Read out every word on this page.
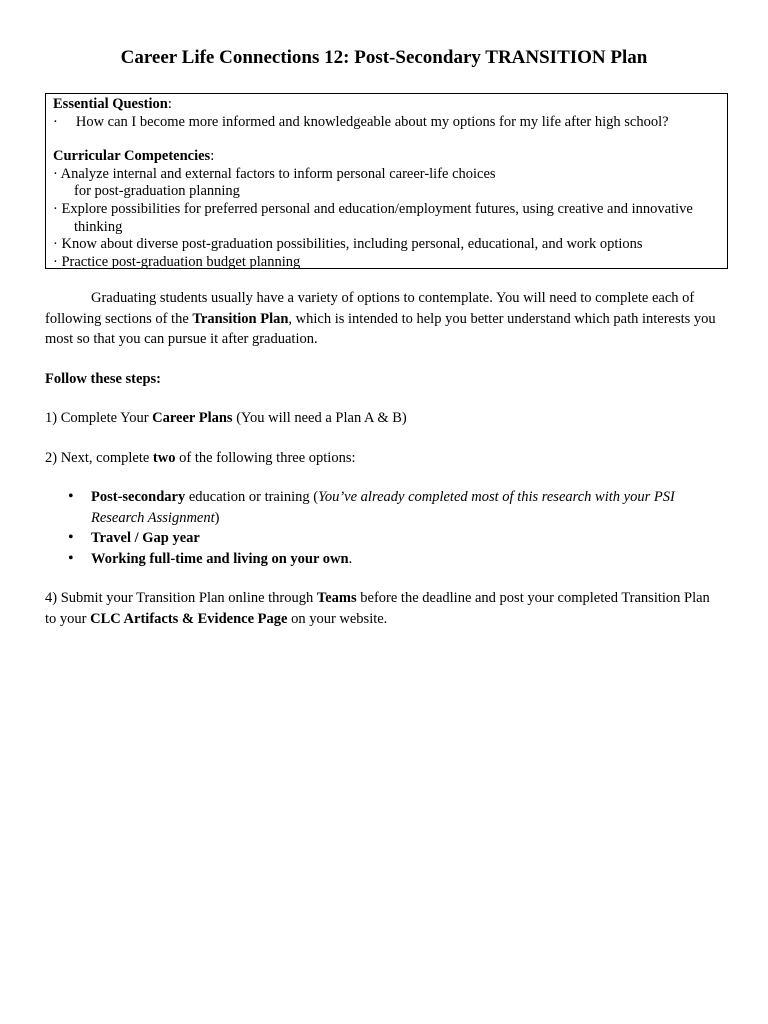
Career Life Connections 12: Post-Secondary TRANSITION Plan
Essential Question:
· How can I become more informed and knowledgeable about my options for my life after high school?
Curricular Competencies:
· Analyze internal and external factors to inform personal career-life choices
for post-graduation planning
· Explore possibilities for preferred personal and education/employment futures, using creative and innovative
thinking
· Know about diverse post-graduation possibilities, including personal, educational, and work options
· Practice post-graduation budget planning

Graduating students usually have a variety of options to contemplate. You will need to complete each of following sections of the Transition Plan, which is intended to help you better understand which path interests you most so that you can pursue it after graduation.

Follow these steps:

1) Complete Your Career Plans (You will need a Plan A & B)

2) Next, complete two of the following three options:

• Post-secondary education or training (You’ve already completed most of this research with your PSI Research Assignment)
• Travel / Gap year
• Working full-time and living on your own.

4) Submit your Transition Plan online through Teams before the deadline and post your completed Transition Plan to your CLC Artifacts & Evidence Page on your website.
